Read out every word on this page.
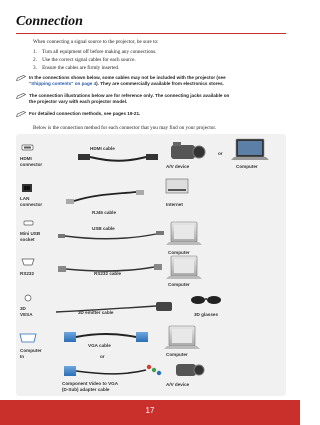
Connection
When connecting a signal source to the projector, be sure to:
1. Turn all equipment off before making any connections.
2. Use the correct signal cables for each source.
3. Ensure the cables are firmly inserted.
In the connections shown below, some cables may not be included with the projector (see
"Shipping contents" on page 4). They are commercially available from electronics stores.
The connection illustrations below are for reference only. The connecting jacks available on
the projector vary with each projector model.
For detailed connection methods, see pages 19-21.
Below is the connection method for each connector that you may find on your projector.
HDMI
connector
HDMI cable
A/V device
or
Computer
LAN
connector
RJ45 cable
Internet
Mini USB
socket
USB cable
Computer
RS232	RS232 cable
Computer
3D
VESA	3D emitter cable	3D glasses
Computer
In
VGA cable
or	Computer
Component Video to VGA
(D-Sub) adapter cable
A/V device
17
